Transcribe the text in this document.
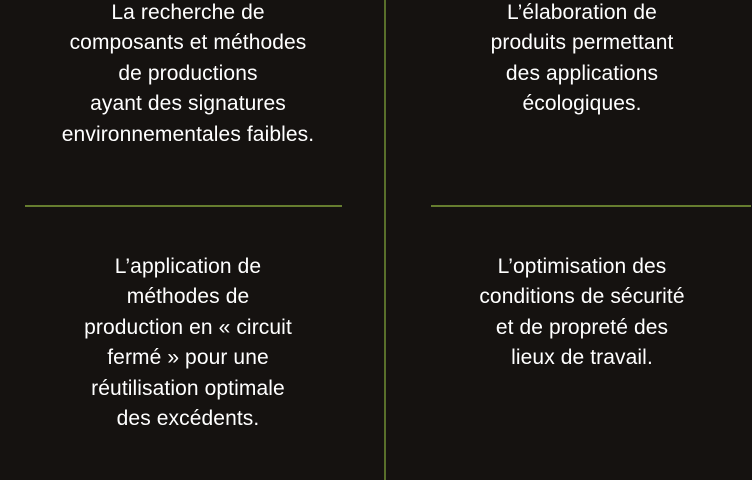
La recherche de
composants et méthodes
de productions
ayant des signatures
environnementales faibles.
L’élaboration de
produits permettant
des applications
écologiques.
L’application de
méthodes de
production en « circuit
fermé » pour une
réutilisation optimale
des excédents.
L’optimisation des
conditions de sécurité
et de propreté des
lieux de travail.
